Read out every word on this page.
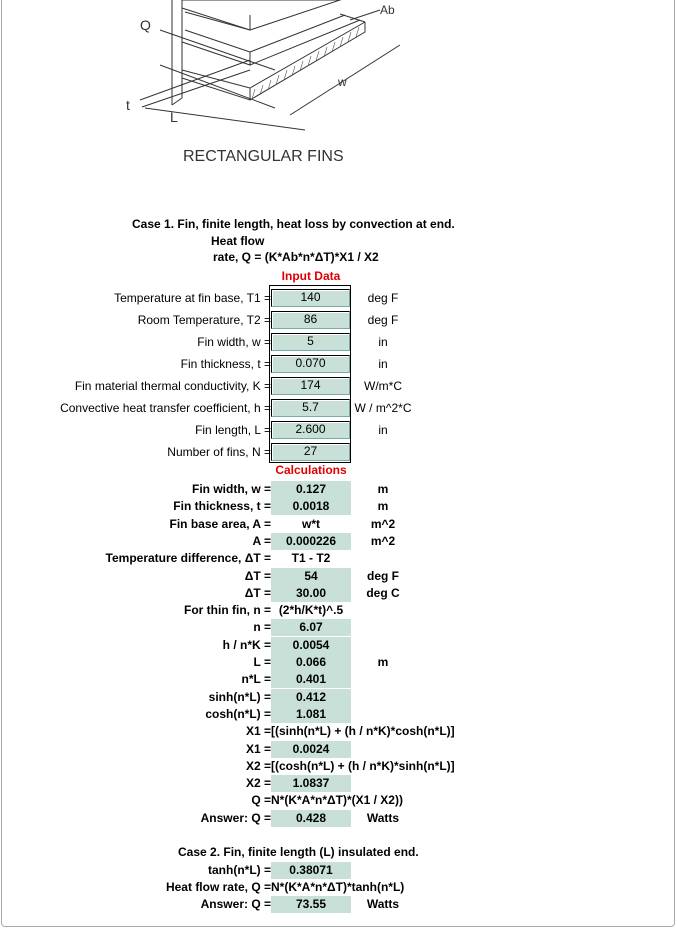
Q
Ab
w
t
L
RECTANGULAR FINS
Case 1. Fin, finite length, heat loss by convection at end.
Heat flow
rate, Q = (K*Ab*n*ΔT)*X1 / X2
Input Data
Temperature at fin base, T1 =	140	deg F
Room Temperature, T2 =	86	deg F
Fin width, w =	5	in
Fin thickness, t =	0.070	in
Fin material thermal conductivity, K =	174	W/m*C
Convective heat transfer coefficient, h =	5.7	W / m^2*C
Fin length, L =	2.600	in
Number of fins, N =	27
Calculations
Fin width, w =	0.127	m
Fin thickness, t =	0.0018	m
Fin base area, A =	w*t	m^2
A =	0.000226	m^2
Temperature difference, ΔT =	T1 - T2
ΔT =	54	deg F
ΔT =	30.00	deg C
For thin fin, n = (2*h/K*t)^.5
n =	6.07
h / n*K =	0.0054
L =	0.066	m
n*L =	0.401
sinh(n*L) =	0.412
cosh(n*L) =	1.081
X1 = [(sinh(n*L) + (h / n*K)*cosh(n*L)]
X1 =	0.0024
X2 = [(cosh(n*L) + (h / n*K)*sinh(n*L)]
X2 =	1.0837
Q = N*(K*A*n*ΔT)*(X1 / X2))
Answer: Q =	0.428	Watts
Case 2. Fin, finite length (L) insulated end.
tanh(n*L) =	0.38071
Heat flow rate, Q = N*(K*A*n*ΔT)*tanh(n*L)
Answer: Q =	73.55	Watts
